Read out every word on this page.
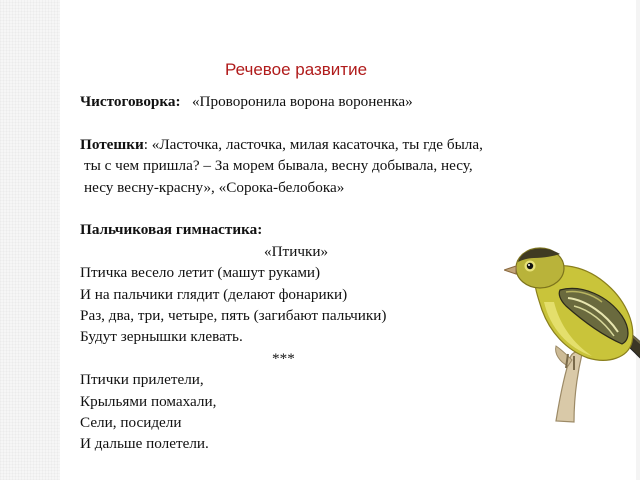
Речевое развитие
Чистоговорка: «Проворонила ворона вороненка»
Потешки: «Ласточка, ласточка, милая касаточка, ты где была,
ты с чем пришла? – За морем бывала, весну добывала, несу,
несу весну-красну», «Сорока-белобока»
Пальчиковая гимнастика:
«Птички»
Птичка весело летит (машут руками)
И на пальчики глядит (делают фонарики)
Раз, два, три, четыре, пять (загибают пальчики)
Будут зернышки клевать.
***
Птички прилетели,
Крыльями помахали,
Сели, посидели
И дальше полетели.
